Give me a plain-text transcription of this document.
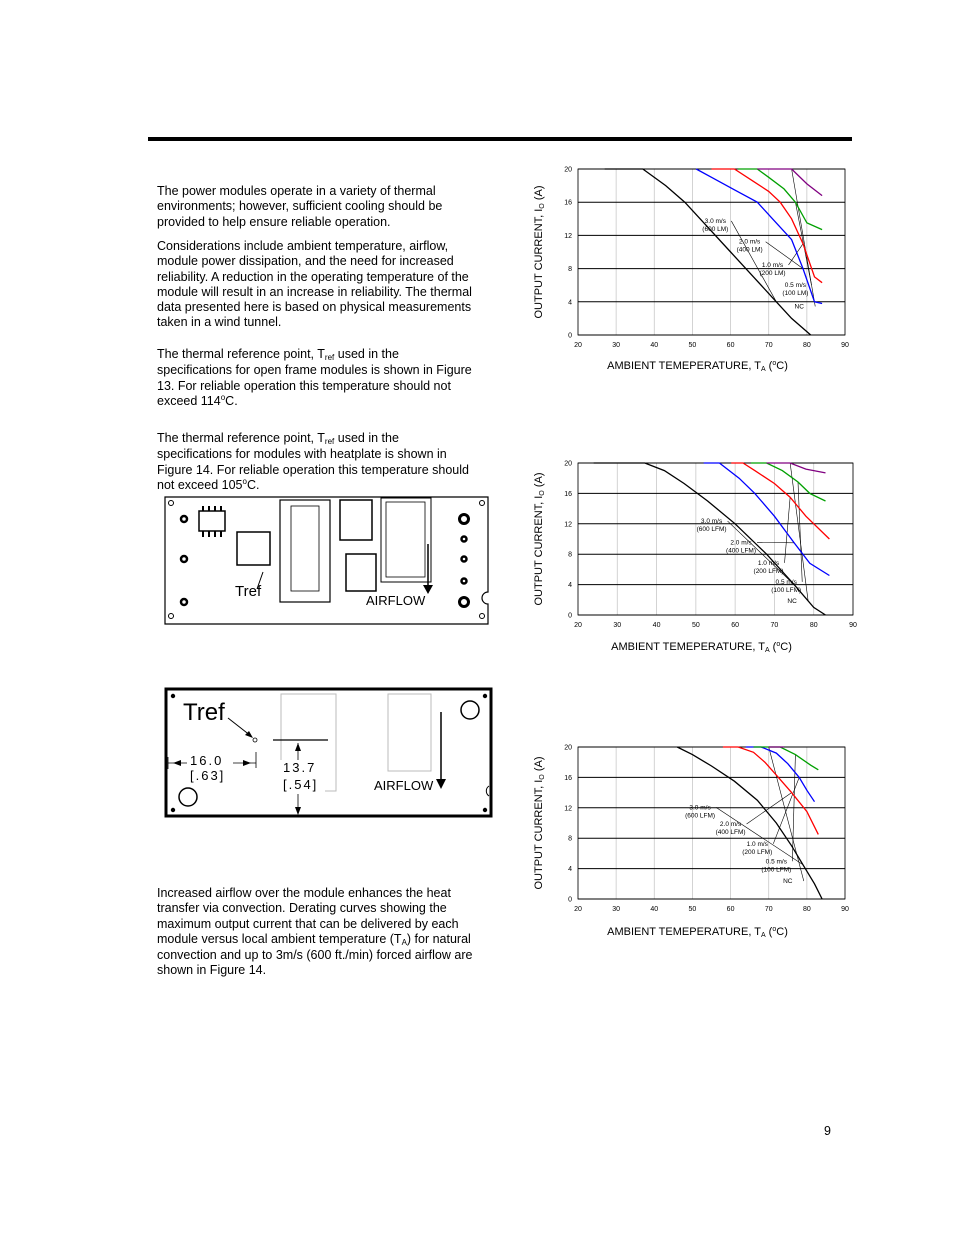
The power modules operate in a variety of thermal environments; however, sufficient cooling should be provided to help ensure reliable operation.

Considerations include ambient temperature, airflow, module power dissipation, and the need for increased reliability. A reduction in the operating temperature of the module will result in an increase in reliability. The thermal data presented here is based on physical measurements taken in a wind tunnel.

The thermal reference point, $T_{ref}$ used in the specifications for open frame modules is shown in Figure 13. For reliable operation this temperature should not exceed 114$^o$C.

The thermal reference point, $T_{ref}$ used in the specifications for modules with heatplate is shown in Figure 14. For reliable operation this temperature should not exceed 105$^o$C.

Increased airflow over the module enhances the heat transfer via convection. Derating curves showing the maximum output current that can be delivered by each module versus local ambient temperature $(T_A)$ for natural convection and up to 3m/s (600 ft./min) forced airflow are shown in Figure 14.

Tref
AIRFLOW
Tref
16.0
[.63]
13.7
[.54]	AIRFLOW
20	30	40	50	60	70	80	90
0
4
8
12
16
20
3.0 m/s
(600 LM)
2.0 m/s
(400 LM)
1.0 m/s
(200 LM)
0.5 m/s
(100 LM)
NC
OUTPUT CURRENT, IO (A)
AMBIENT TEMEPERATURE, TA ($^o$C)
20	30	40	50	60	70	80	90
0
4
8
12
16
20
3.0 m/s
(600 LFM)
2.0 m/s
(400 LFM)
1.0 m/s
(200 LFM)
0.5 m/s
(100 LFM)
NC
OUTPUT CURRENT, IO (A)
AMBIENT TEMEPERATURE, TA ($^o$C)
20	30	40	50	60	70	80	90
0
4
8
12
16
20
3.0 m/s
(600 LFM)
2.0 m/s
(400 LFM)
1.0 m/s
(200 LFM)
0.5 m/s
(100 LFM)
NC
OUTPUT CURRENT, IO (A)
AMBIENT TEMEPERATURE, TA ($^o$C)
9
